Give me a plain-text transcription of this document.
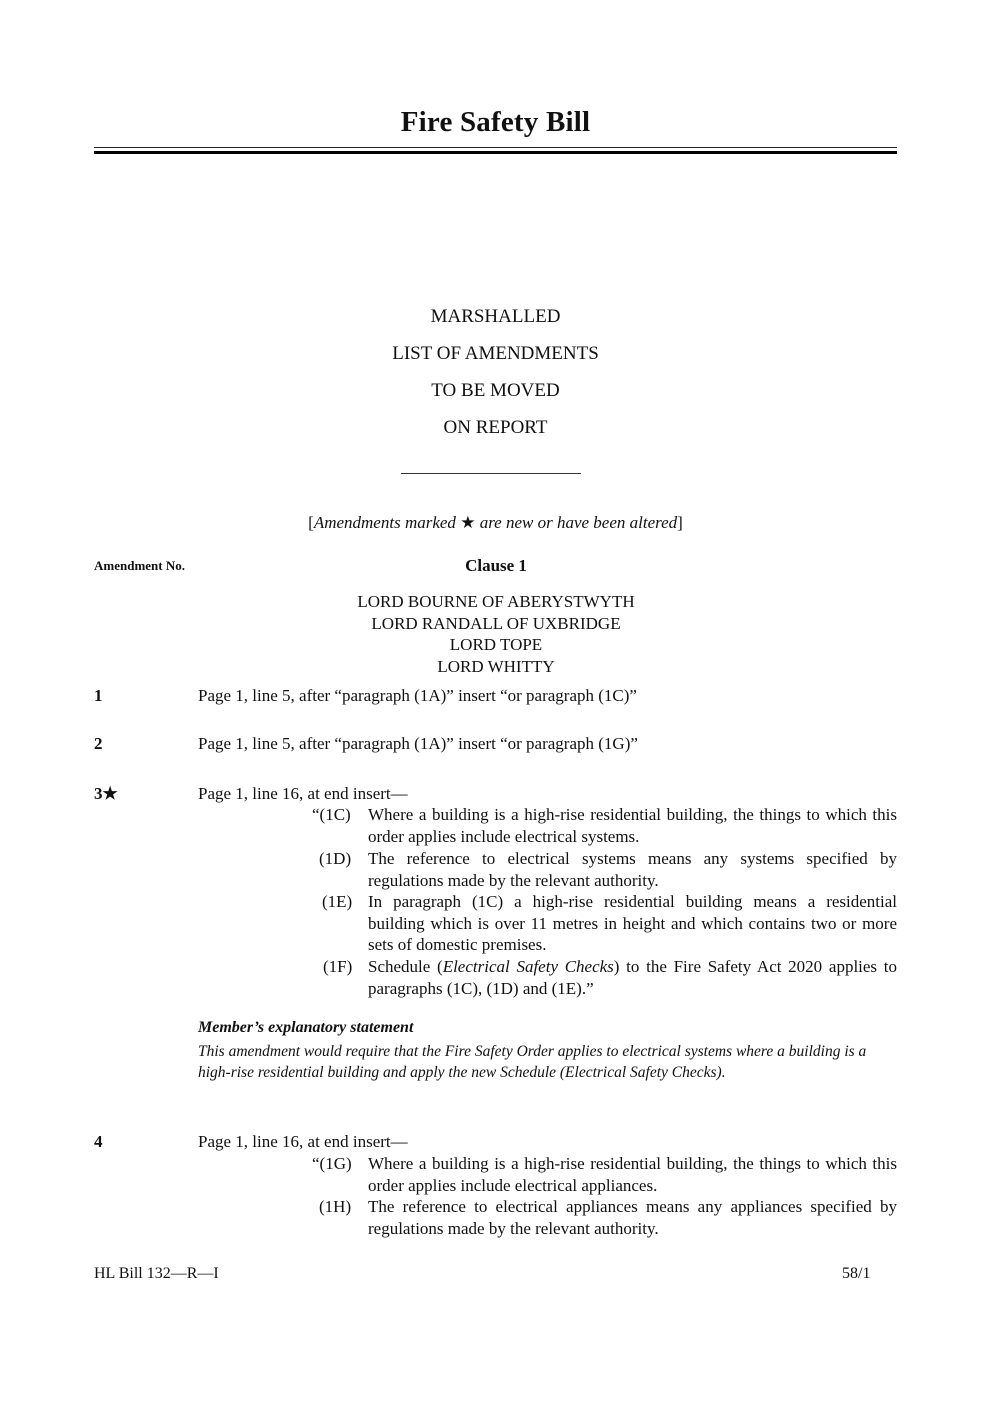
Fire Safety Bill
MARSHALLED
LIST OF AMENDMENTS
TO BE MOVED
ON REPORT
[Amendments marked ★ are new or have been altered]
Amendment No.	Clause 1
LORD BOURNE OF ABERYSTWYTH
LORD RANDALL OF UXBRIDGE
LORD TOPE
LORD WHITTY
1	Page 1, line 5, after “paragraph (1A)” insert “or paragraph (1C)”
2	Page 1, line 5, after “paragraph (1A)” insert “or paragraph (1G)”
3★	Page 1, line 16, at end insert—
“(1C) Where a building is a high-rise residential building, the things to which this order applies include electrical systems.
(1D) The reference to electrical systems means any systems specified by regulations made by the relevant authority.
(1E) In paragraph (1C) a high-rise residential building means a residential building which is over 11 metres in height and which contains two or more sets of domestic premises.
(1F) Schedule (Electrical Safety Checks) to the Fire Safety Act 2020 applies to paragraphs (1C), (1D) and (1E).”
Member’s explanatory statement
This amendment would require that the Fire Safety Order applies to electrical systems where a building is a high-rise residential building and apply the new Schedule (Electrical Safety Checks).
4	Page 1, line 16, at end insert—
“(1G) Where a building is a high-rise residential building, the things to which this order applies include electrical appliances.
(1H) The reference to electrical appliances means any appliances specified by regulations made by the relevant authority.
HL Bill 132—R—I	58/1
